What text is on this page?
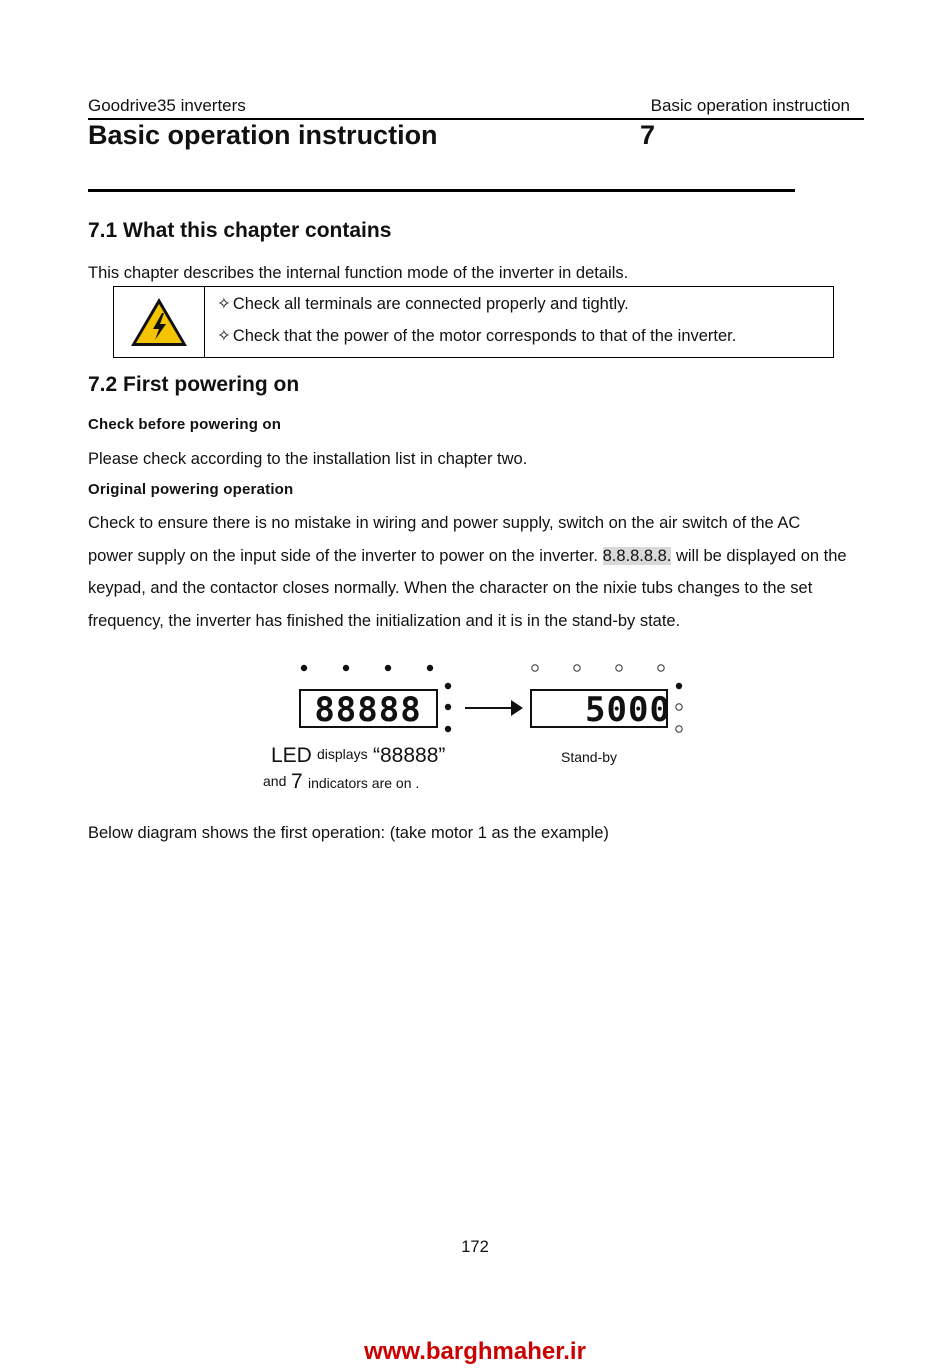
Goodrive35 inverters	Basic operation instruction
Basic operation instruction	7
7.1 What this chapter contains
This chapter describes the internal function mode of the inverter in details.
✧ Check all terminals are connected properly and tightly.
✧ Check that the power of the motor corresponds to that of the inverter.
7.2 First powering on
Check before powering on
Please check according to the installation list in chapter two.
Original powering operation
Check to ensure there is no mistake in wiring and power supply, switch on the air switch of the AC power supply on the input side of the inverter to power on the inverter. 8.8.8.8.8. will be displayed on the keypad, and the contactor closes normally. When the character on the nixie tubs changes to the set frequency, the inverter has finished the initialization and it is in the stand-by state.
88888	5000
LED displays “88888”
and 7 indicators are on .
Stand-by
Below diagram shows the first operation: (take motor 1 as the example)
172
www.barghmaher.ir
